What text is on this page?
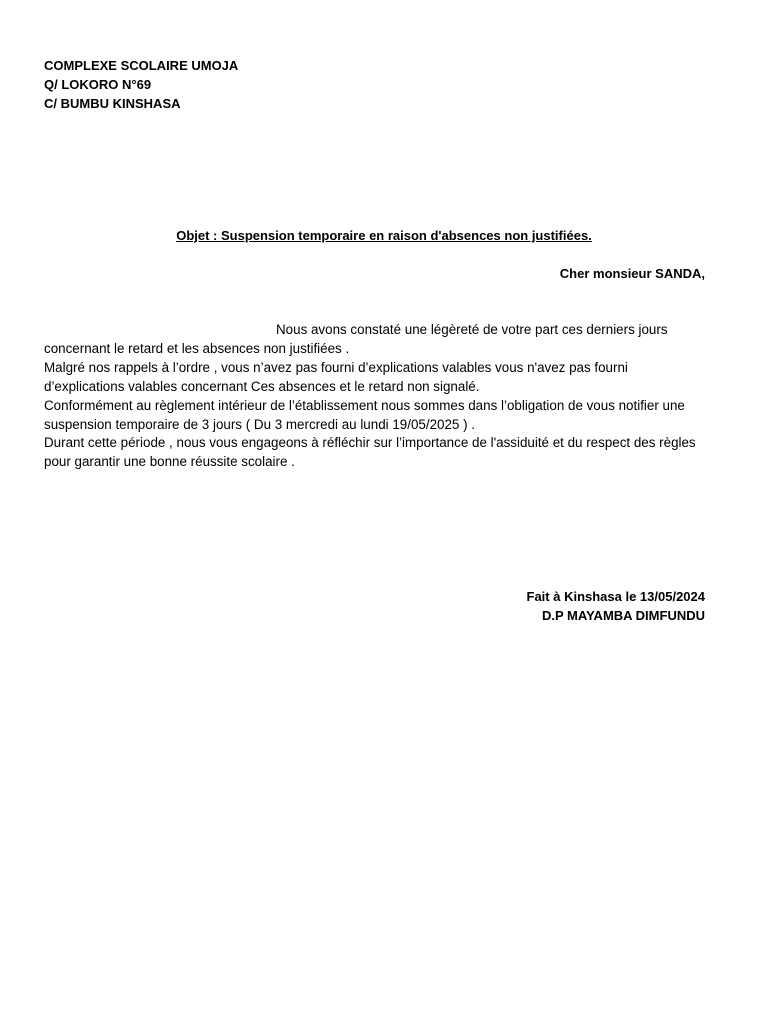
COMPLEXE SCOLAIRE UMOJA
Q/ LOKORO N°69
C/ BUMBU KINSHASA
Objet : Suspension temporaire en raison d'absences non justifiées.
Cher monsieur SANDA,

Nous avons constaté une légèreté de votre part ces derniers jours concernant le retard et les absences non justifiées .

Malgré nos rappels à l’ordre , vous n’avez pas fourni d’explications valables vous n'avez pas fourni d’explications valables concernant Ces absences et le retard non signalé.

Conformément au règlement intérieur de l’établissement nous sommes dans l’obligation de vous notifier une suspension temporaire de 3 jours ( Du 3 mercredi au lundi 19/05/2025 ) .

Durant cette période , nous vous engageons à réfléchir sur l’importance de l'assiduité et du respect des règles pour garantir une bonne réussite scolaire .

Fait à Kinshasa le 13/05/2024
D.P MAYAMBA DIMFUNDU
